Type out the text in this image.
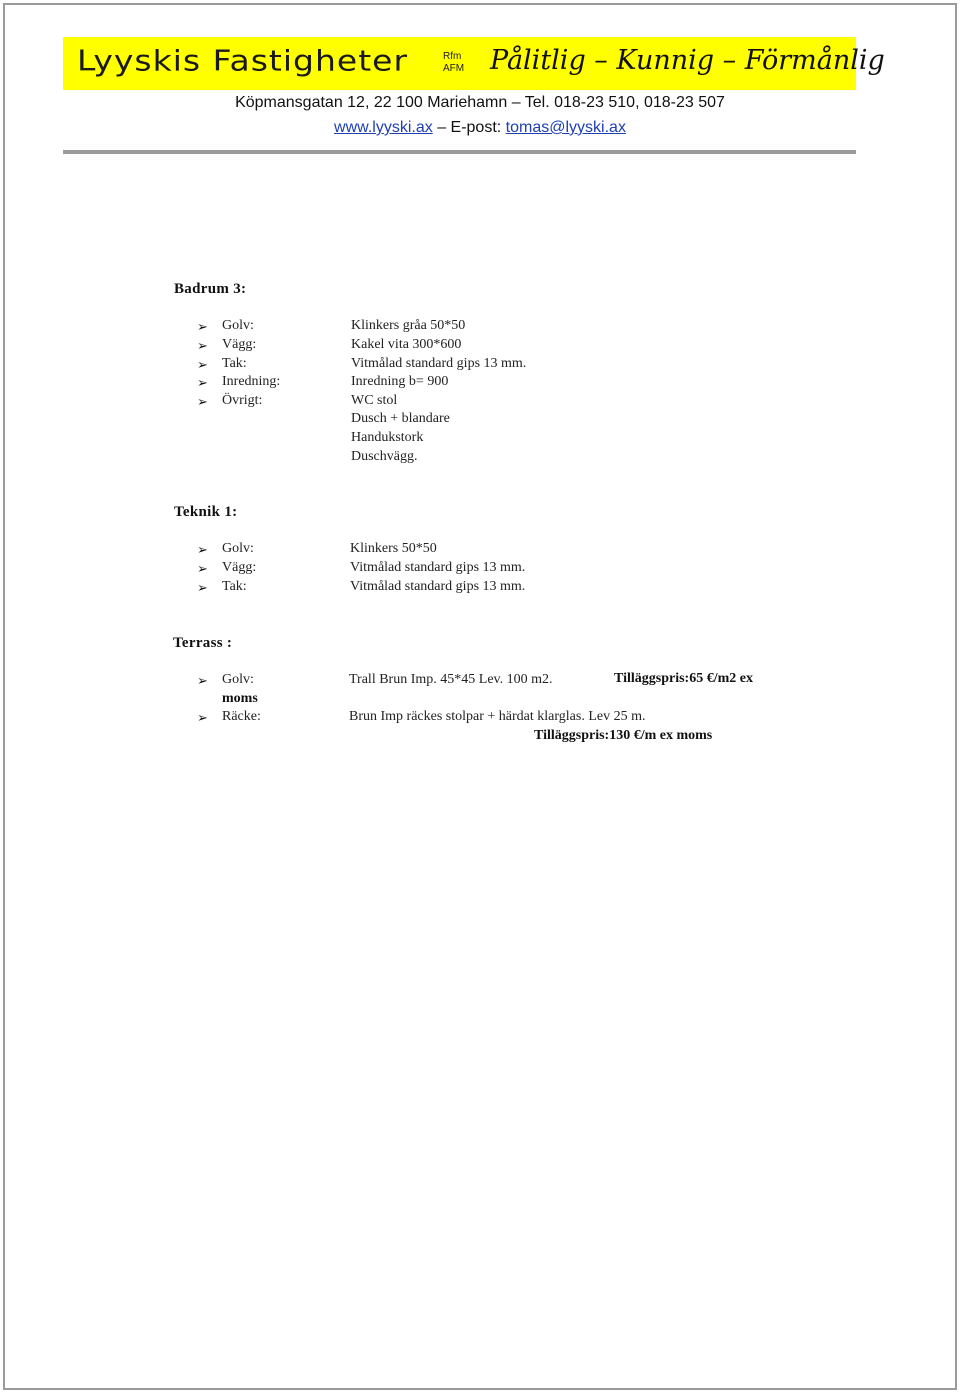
Lyyskis Fastigheter	Rfm
AFM Pålitlig – Kunnig – Förmånlig
Köpmansgatan 12, 22 100 Mariehamn – Tel. 018-23 510, 018-23 507
www.lyyski.ax – E-post: tomas@lyyski.ax
Badrum 3:
➢ Golv:	Klinkers gråa 50*50
➢ Vägg:	Kakel vita 300*600
➢ Tak:	Vitmålad standard gips 13 mm.
➢ Inredning:	Inredning b= 900
➢ Övrigt:	WC stol
Dusch + blandare
Handukstork
Duschvägg.
Teknik 1:
➢ Golv:	Klinkers 50*50
➢ Vägg:	Vitmålad standard gips 13 mm.
➢ Tak:	Vitmålad standard gips 13 mm.
Terrass :
➢ Golv:	Trall Brun Imp. 45*45 Lev. 100 m2.	Tilläggspris:65 €/m2 ex
moms
➢ Räcke:	Brun Imp räckes stolpar + härdat klarglas. Lev 25 m.
Tilläggspris:130 €/m ex moms
